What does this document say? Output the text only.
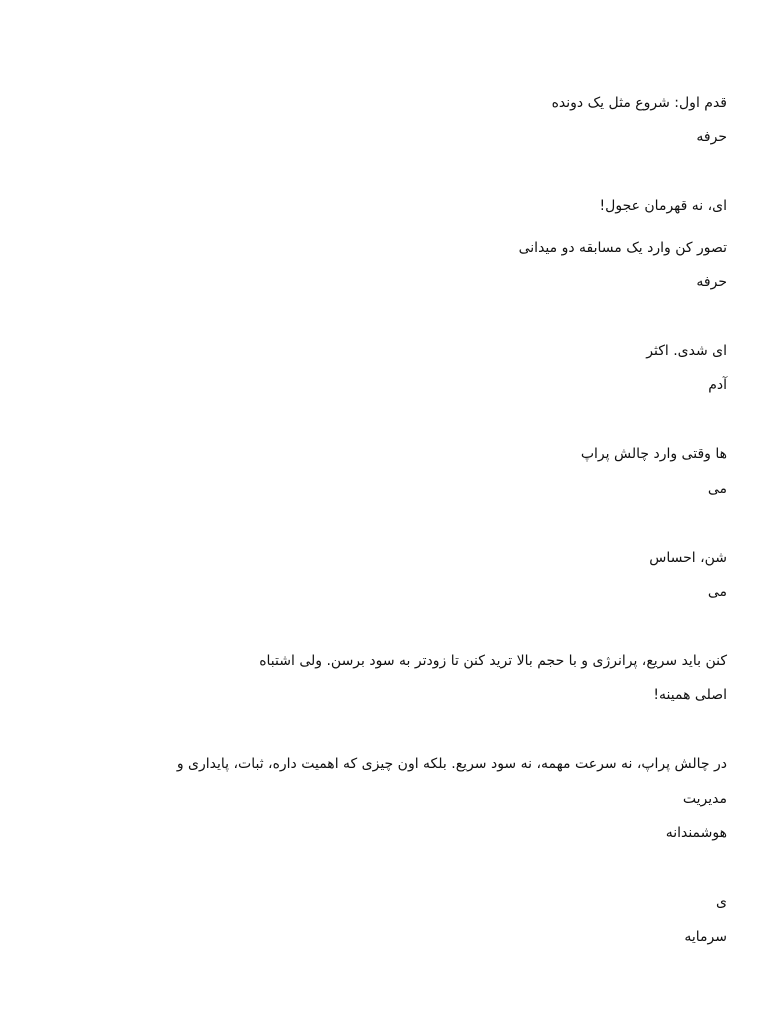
قدم اول: شروع مثل یک دونده
حرفه
ای، نه قهرمان عجول!
تصور کن وارد یک مسابقه دو میدانی
حرفه
ای شدی. اکثر
آدم
ها وقتی وارد چالش پراپ
می
شن، احساس
می
کنن باید سریع، پرانرژی و با حجم بالا ترید کنن تا زودتر به سود برسن. ولی اشتباه
اصلی همینه!
در چالش پراپ، نه سرعت مهمه، نه سود سریع. بلکه اون چیزی که اهمیت داره، ثبات، پایداری و
مدیریت
هوشمندانه
ی
سرمایه
